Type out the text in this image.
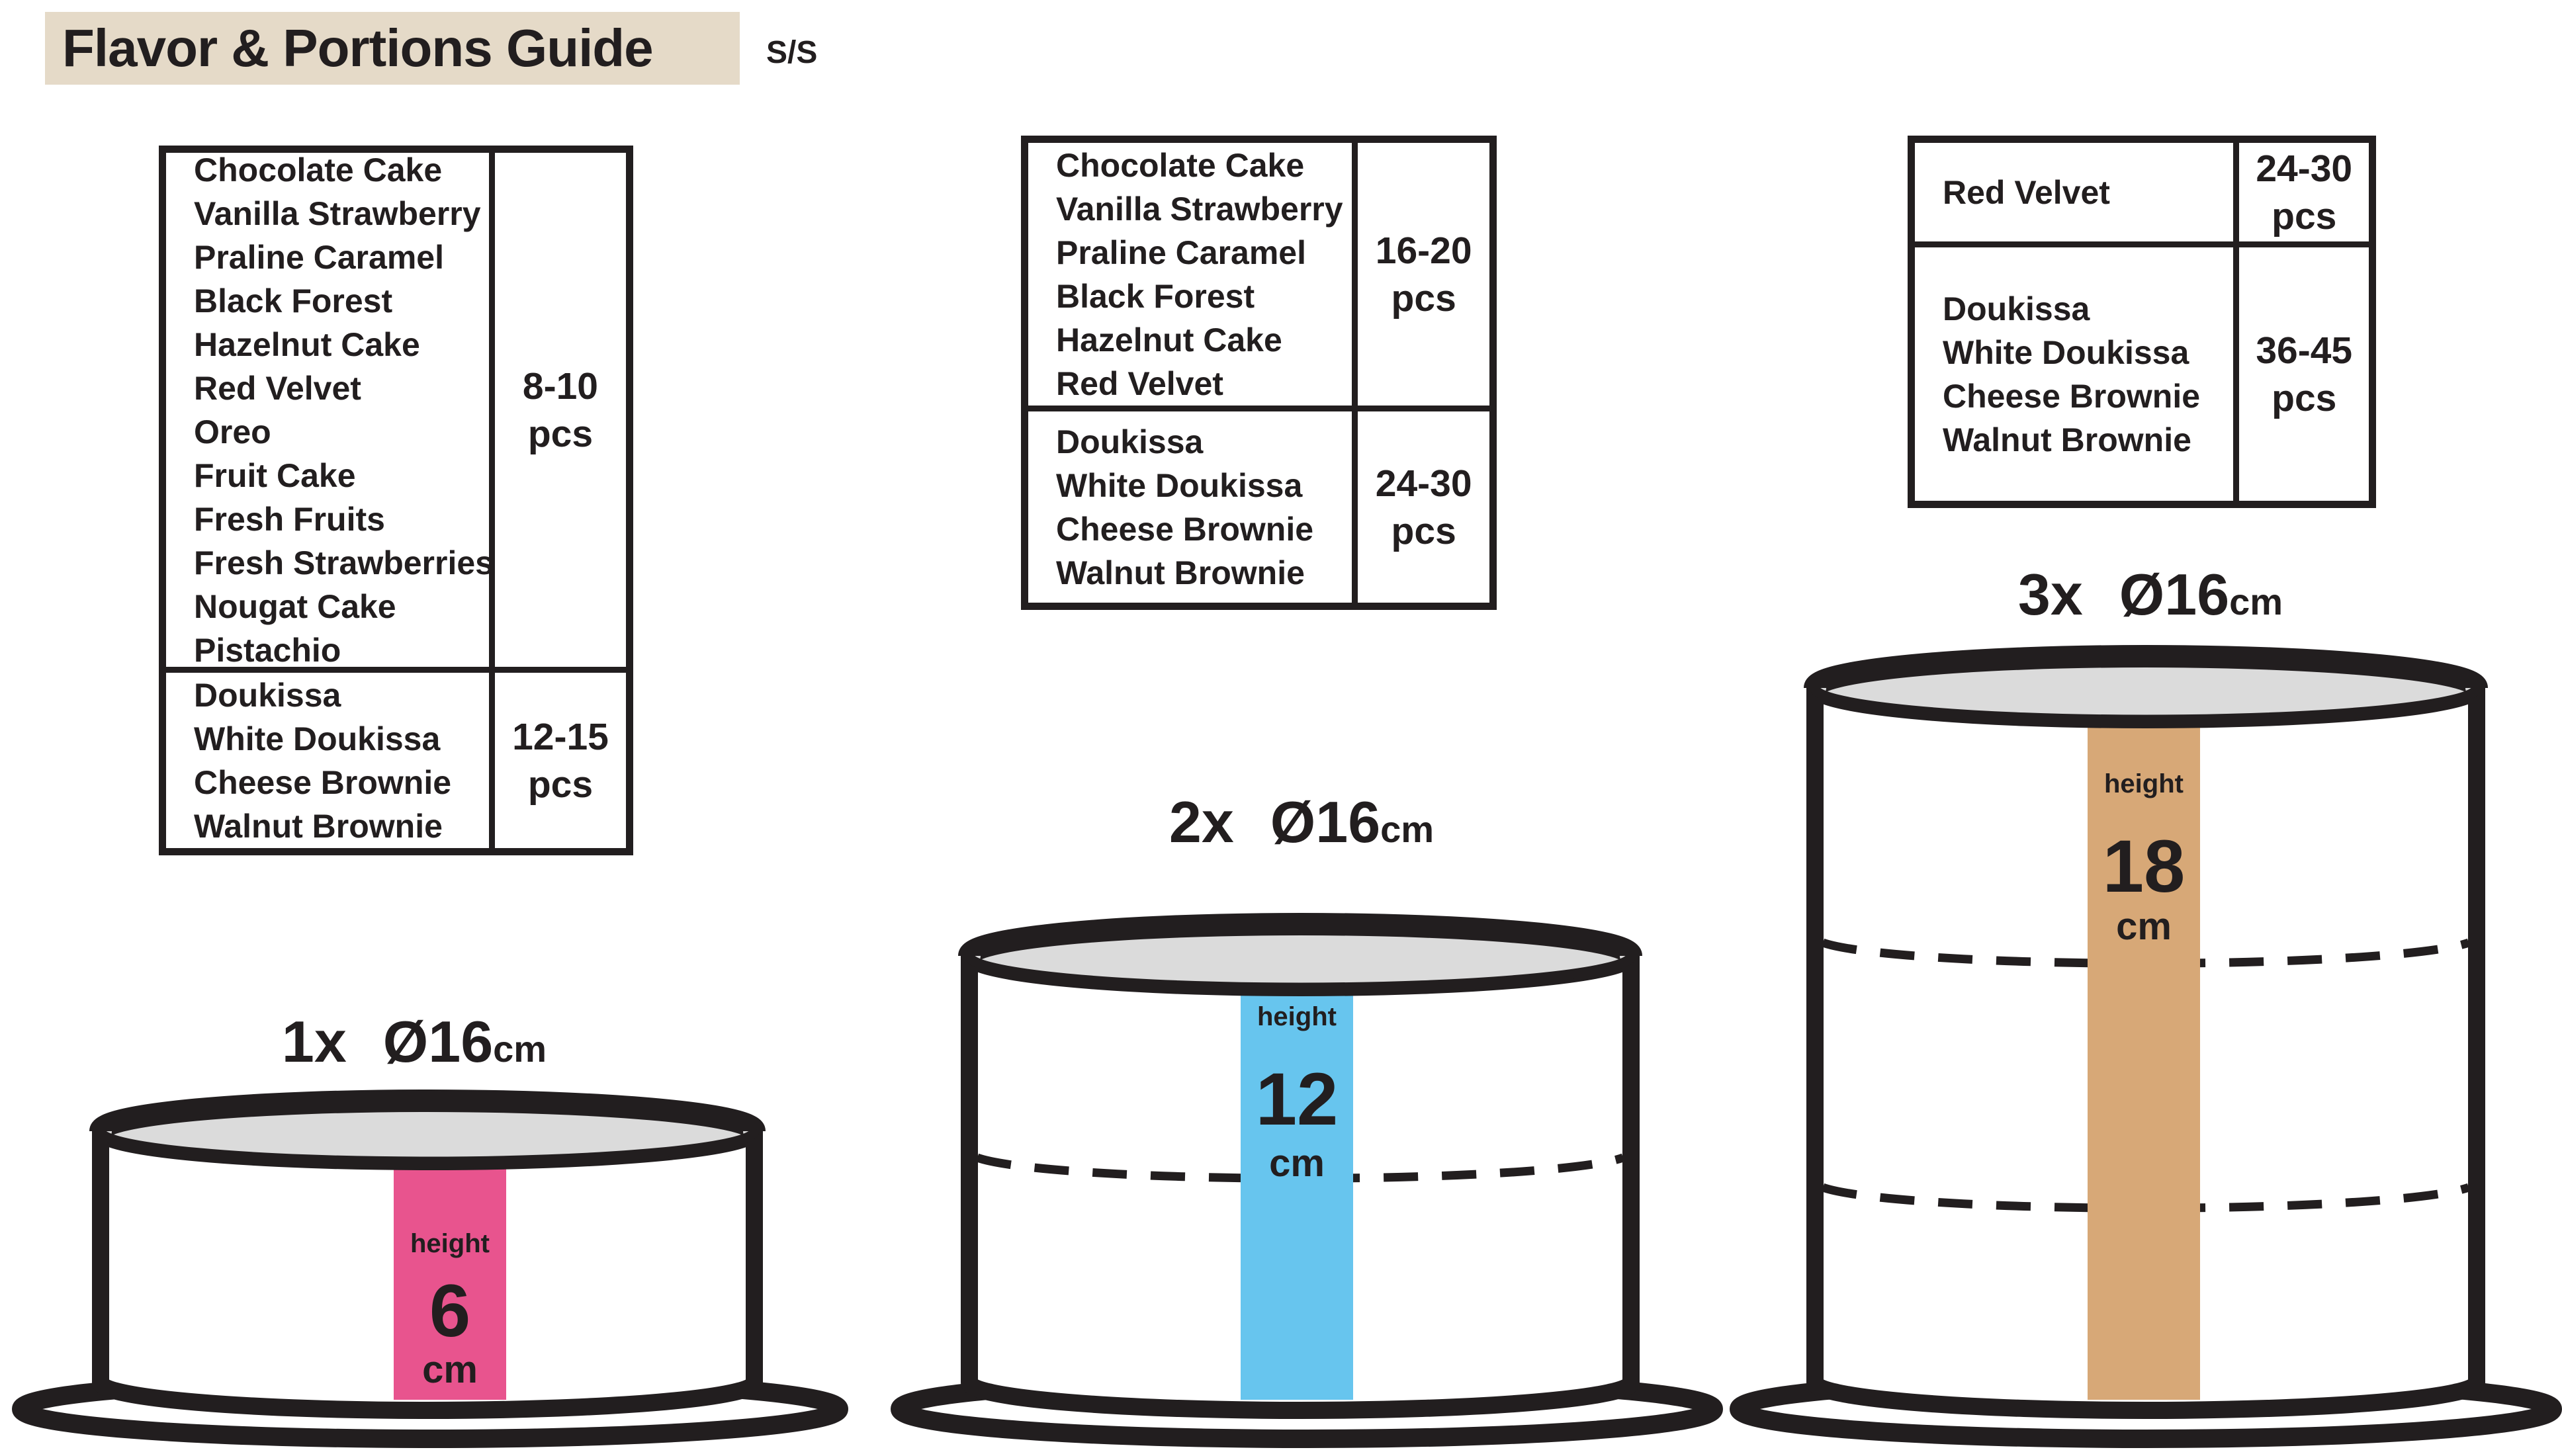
Flavor & Portions Guide	S/S
Chocolate Cake
Vanilla Strawberry
Praline Caramel
Black Forest
Hazelnut Cake
Red Velvet
Oreo
Fruit Cake
Fresh Fruits
Fresh Strawberries
Nougat Cake
Pistachio
8-10
pcs
Doukissa
White Doukissa
Cheese Brownie
Walnut Brownie
12-15
pcs
Chocolate Cake
Vanilla Strawberry
Praline Caramel
Black Forest
Hazelnut Cake
Red Velvet
16-20
pcs
Doukissa
White Doukissa
Cheese Brownie
Walnut Brownie
24-30
pcs
Red Velvet
24-30
pcs
Doukissa
White Doukissa
Cheese Brownie
Walnut Brownie
36-45
pcs
1x Ø16cm
2x Ø16cm
3x Ø16cm
height
6
cm
height
12
cm
height
18
cm
